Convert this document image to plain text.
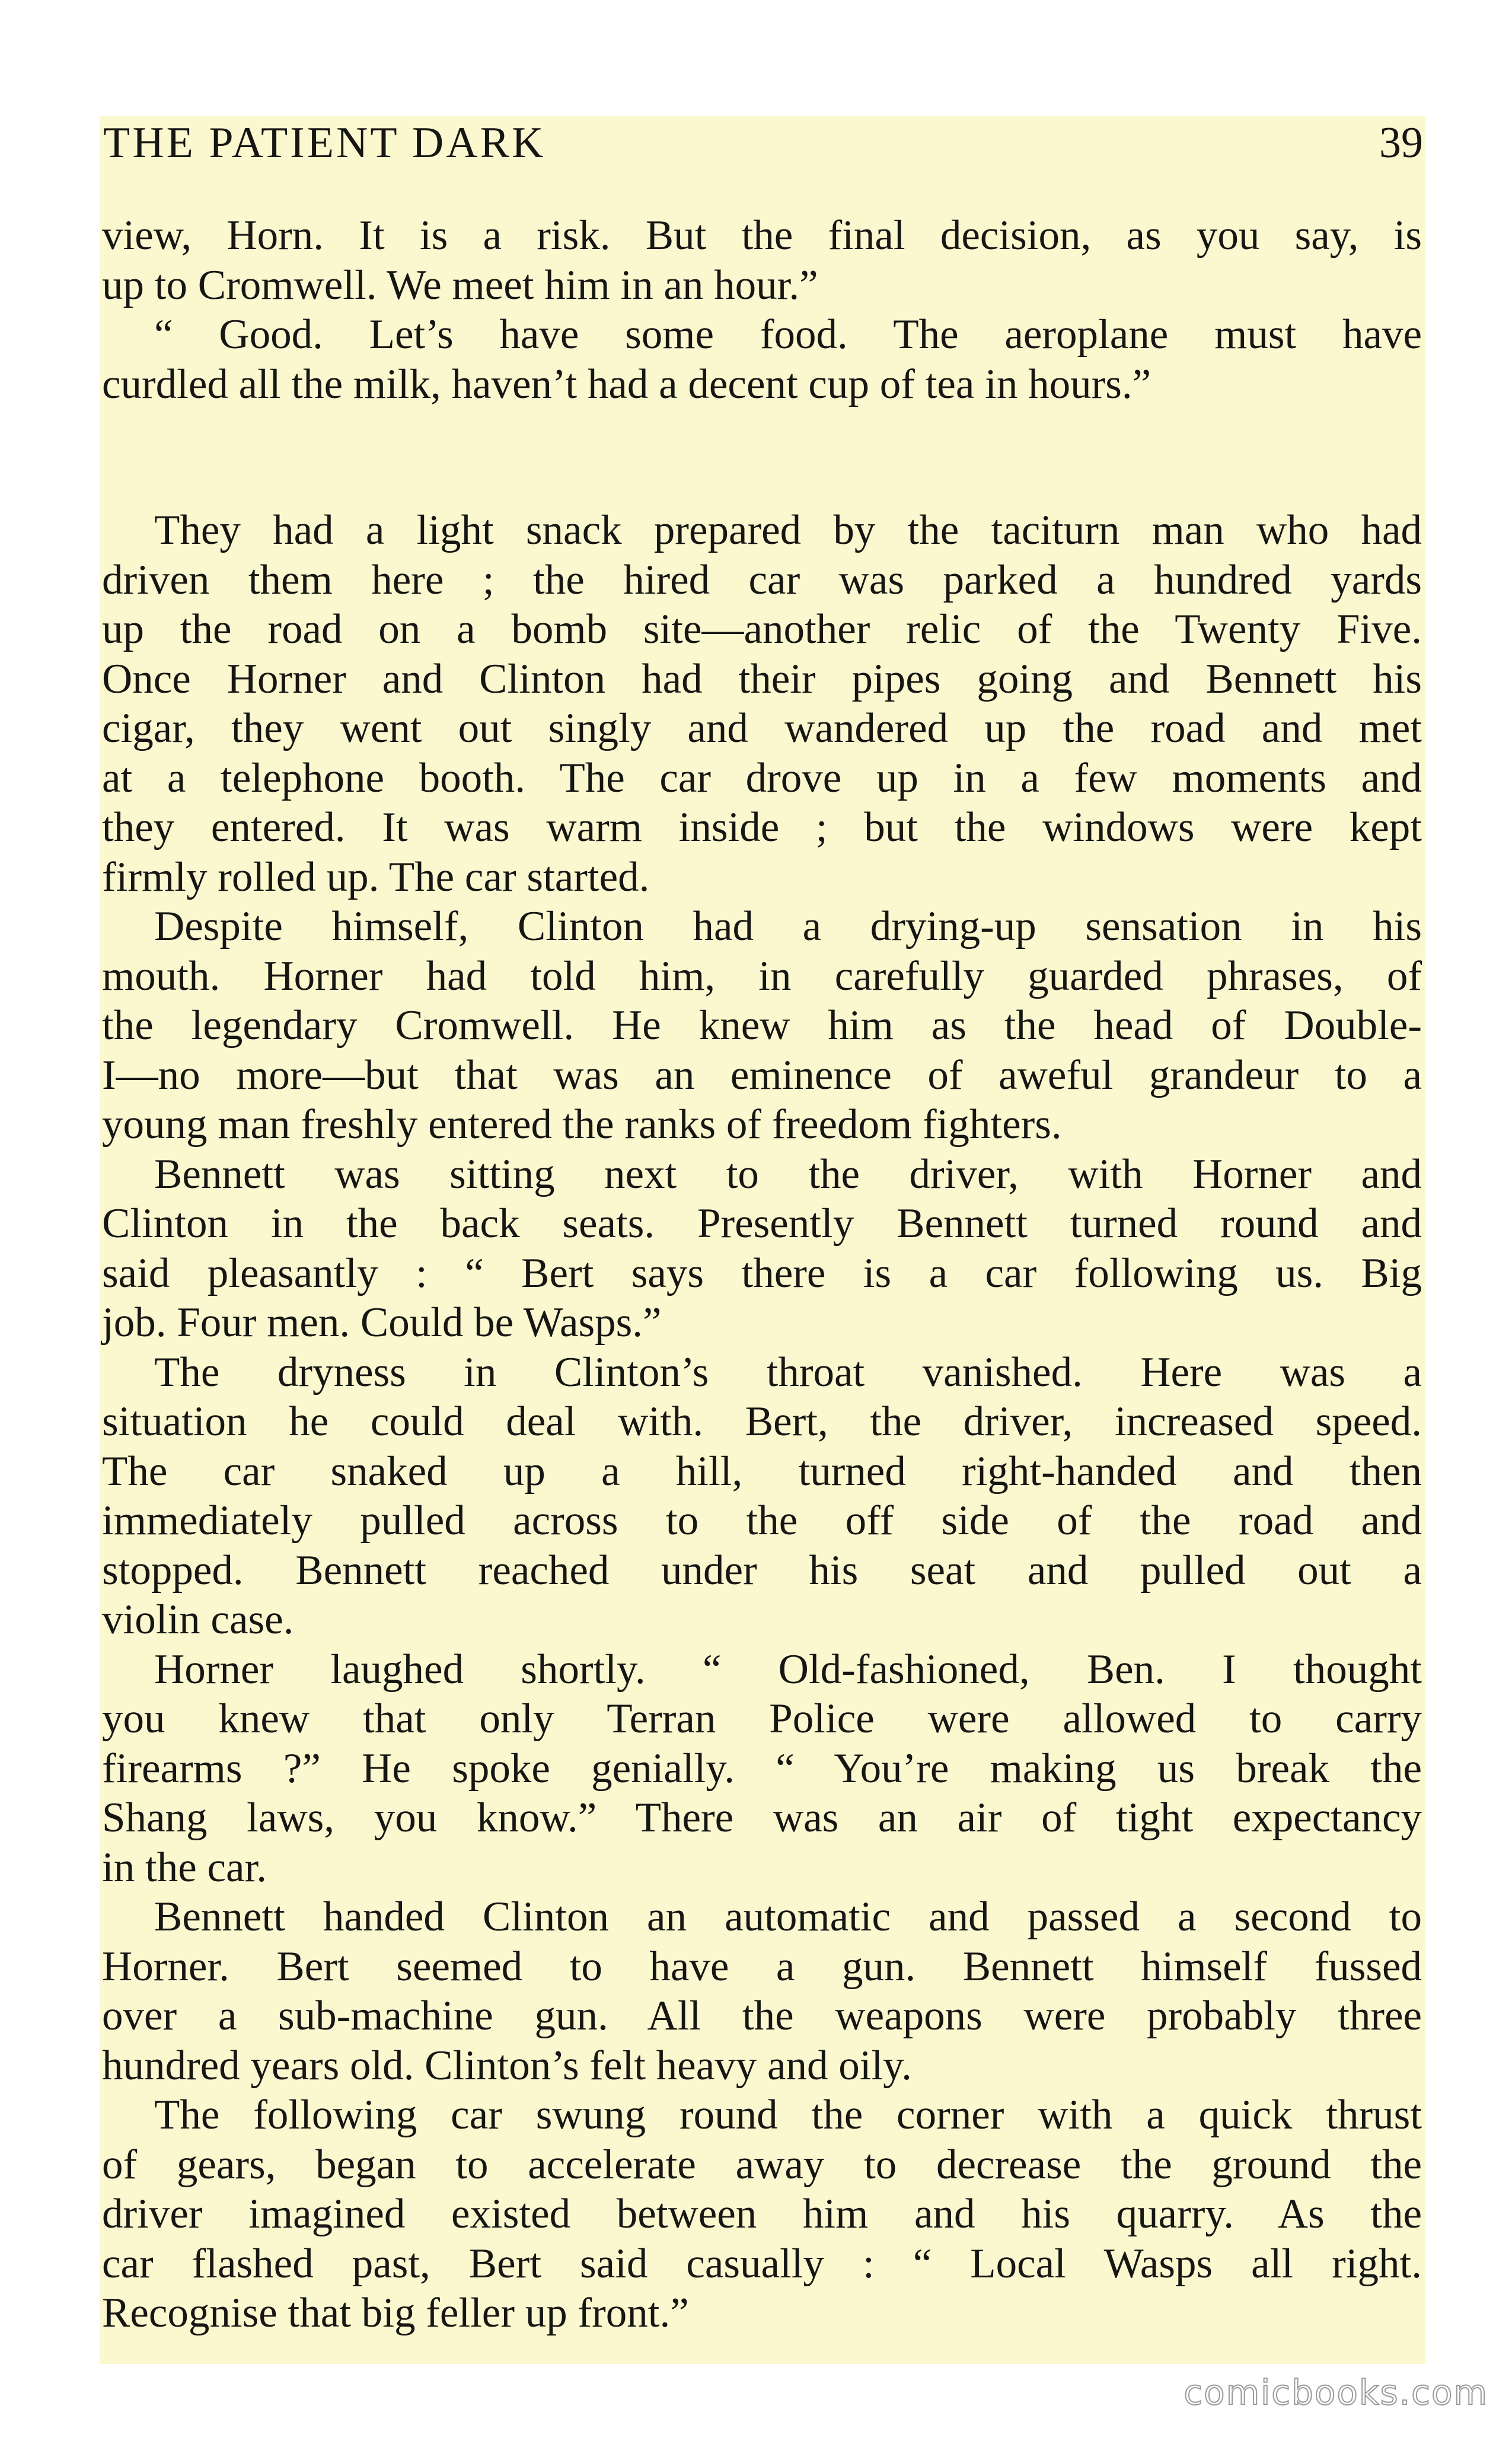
THE PATIENT DARK	39
view, Horn. It is a risk. But the final decision, as you say, is
up to Cromwell. We meet him in an hour.”
“ Good. Let’s have some food. The aeroplane must have
curdled all the milk, haven’t had a decent cup of tea in hours.”
They had a light snack prepared by the taciturn man who had
driven them here ; the hired car was parked a hundred yards
up the road on a bomb site—another relic of the Twenty Five.
Once Horner and Clinton had their pipes going and Bennett his
cigar, they went out singly and wandered up the road and met
at a telephone booth. The car drove up in a few moments and
they entered. It was warm inside ; but the windows were kept
firmly rolled up. The car started.
Despite himself, Clinton had a drying-up sensation in his
mouth. Horner had told him, in carefully guarded phrases, of
the legendary Cromwell. He knew him as the head of Double-
I—no more—but that was an eminence of aweful grandeur to a
young man freshly entered the ranks of freedom fighters.
Bennett was sitting next to the driver, with Horner and
Clinton in the back seats. Presently Bennett turned round and
said pleasantly : “ Bert says there is a car following us. Big
job. Four men. Could be Wasps.”
The dryness in Clinton’s throat vanished. Here was a
situation he could deal with. Bert, the driver, increased speed.
The car snaked up a hill, turned right-handed and then
immediately pulled across to the off side of the road and
stopped. Bennett reached under his seat and pulled out a
violin case.
Horner laughed shortly. “ Old-fashioned, Ben. I thought
you knew that only Terran Police were allowed to carry
firearms ?” He spoke genially. “ You’re making us break the
Shang laws, you know.” There was an air of tight expectancy
in the car.
Bennett handed Clinton an automatic and passed a second to
Horner. Bert seemed to have a gun. Bennett himself fussed
over a sub-machine gun. All the weapons were probably three
hundred years old. Clinton’s felt heavy and oily.
The following car swung round the corner with a quick thrust
of gears, began to accelerate away to decrease the ground the
driver imagined existed between him and his quarry. As the
car flashed past, Bert said casually : “ Local Wasps all right.
Recognise that big feller up front.”
comicbooks.com
